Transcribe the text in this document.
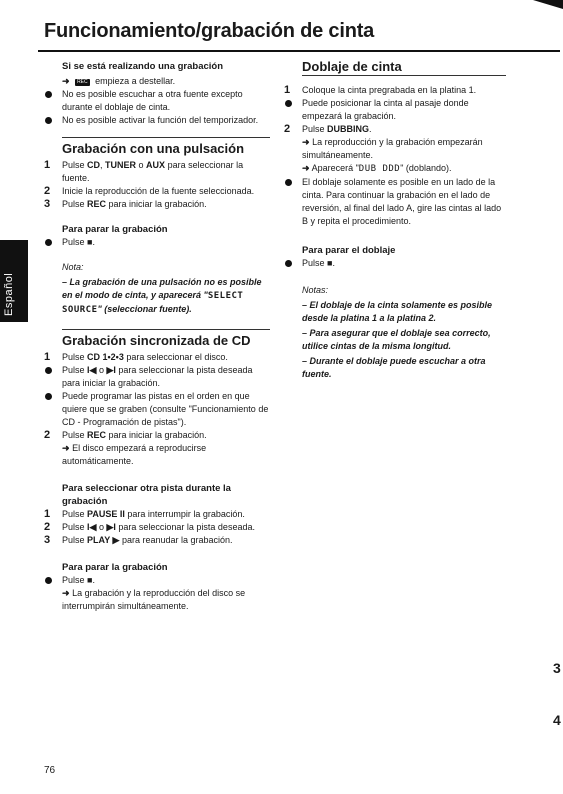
Funcionamiento/grabación de cinta
Español
Si se está realizando una grabación
➜ REC empieza a destellar.
No es posible escuchar a otra fuente excepto durante el doblaje de cinta.
No es posible activar la función del temporizador.
Grabación con una pulsación
1 Pulse CD, TUNER o AUX para seleccionar la fuente.
2 Inicie la reproducción de la fuente seleccionada.
3 Pulse REC para iniciar la grabación.
Para parar la grabación
Pulse ■.
Nota:
– La grabación de una pulsación no es posible en el modo de cinta, y aparecerá "SELECT SOURCE" (seleccionar fuente).
Grabación sincronizada de CD
1 Pulse CD 1•2•3 para seleccionar el disco.
Pulse I◀ o ▶I para seleccionar la pista deseada para iniciar la grabación.
Puede programar las pistas en el orden en que quiere que se graben (consulte "Funcionamiento de CD - Programación de pistas").
2 Pulse REC para iniciar la grabación.
➜ El disco empezará a reproducirse automáticamente.
Para seleccionar otra pista durante la grabación
1 Pulse PAUSE II para interrumpir la grabación.
2 Pulse I◀ o ▶I para seleccionar la pista deseada.
3 Pulse PLAY ▶ para reanudar la grabación.
Para parar la grabación
Pulse ■.
➜ La grabación y la reproducción del disco se interrumpirán simultáneamente.
Doblaje de cinta
1 Coloque la cinta pregrabada en la platina 1.
Puede posicionar la cinta al pasaje donde empezará la grabación.
2 Pulse DUBBING.
➜ La reproducción y la grabación empezarán simultáneamente.
➜ Aparecerá "DUB DDD" (doblando).
El doblaje solamente es posible en un lado de la cinta. Para continuar la grabación en el lado de reversión, al final del lado A, gire las cintas al lado B y repita el procedimiento.
Para parar el doblaje
Pulse ■.
Notas:
– El doblaje de la cinta solamente es posible desde la platina 1 a la platina 2.
– Para asegurar que el doblaje sea correcto, utilice cintas de la misma longitud.
– Durante el doblaje puede escuchar a otra fuente.
76
3
4
